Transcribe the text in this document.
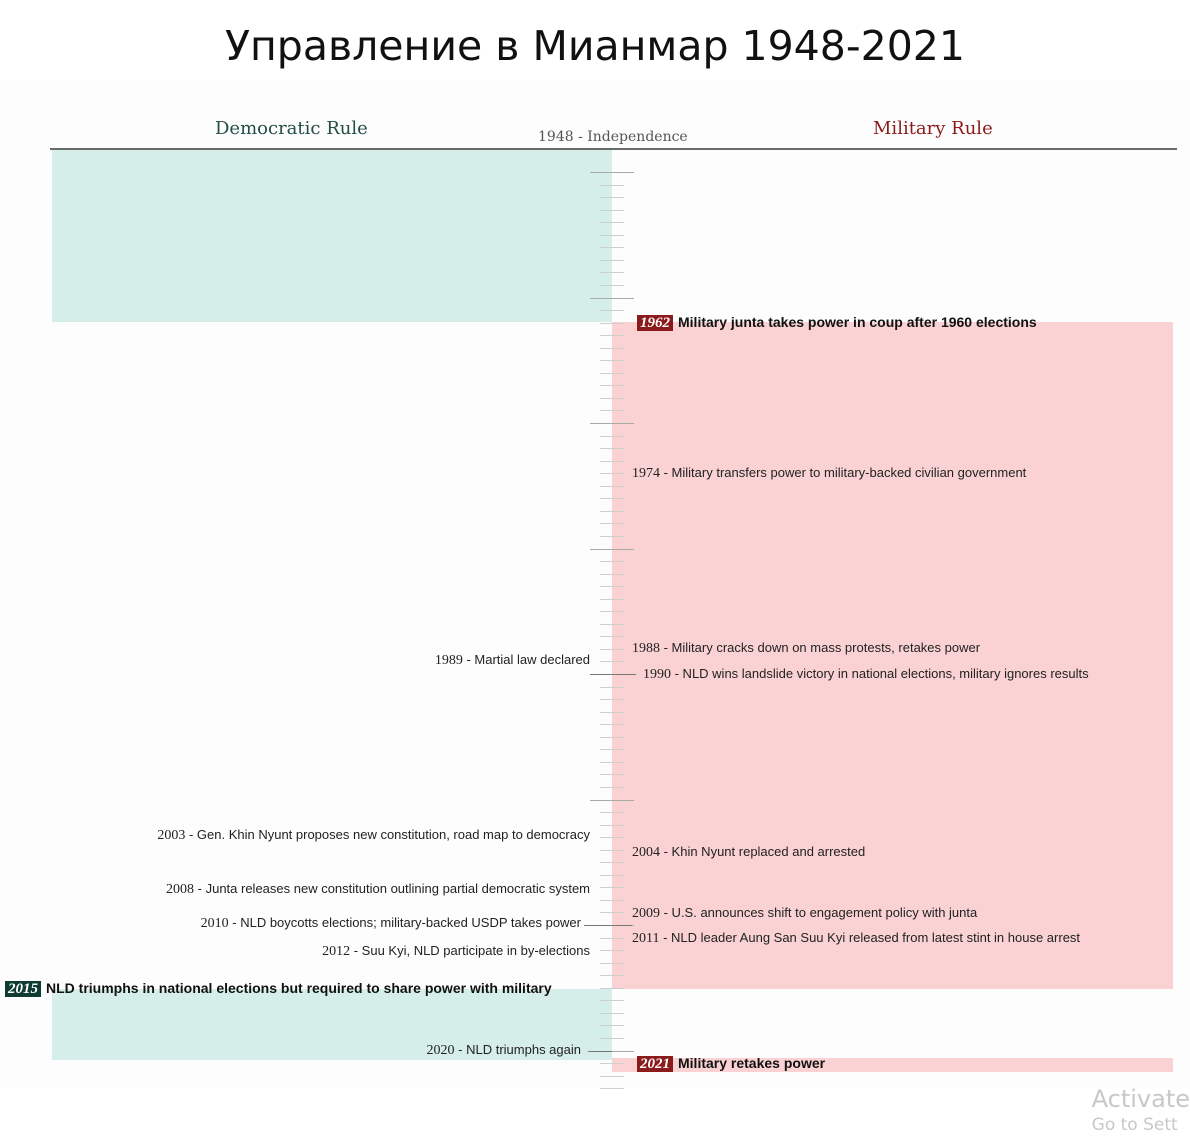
Управление в Мианмар 1948-2021
Democratic Rule	Military Rule
1948 - Independence
1962 Military junta takes power in coup after 1960 elections
1974 - Military transfers power to military-backed civilian government
1988 - Military cracks down on mass protests, retakes power
1990 - NLD wins landslide victory in national elections, military ignores results
2004 - Khin Nyunt replaced and arrested
2009 - U.S. announces shift to engagement policy with junta
2011 - NLD leader Aung San Suu Kyi released from latest stint in house arrest
1989 - Martial law declared
2003 - Gen. Khin Nyunt proposes new constitution, road map to democracy
2008 - Junta releases new constitution outlining partial democratic system
2010 - NLD boycotts elections; military-backed USDP takes power
2012 - Suu Kyi, NLD participate in by-elections
2015 NLD triumphs in national elections but required to share power with military
2020 - NLD triumphs again
2021 Military retakes power
Activate
Go to Sett
